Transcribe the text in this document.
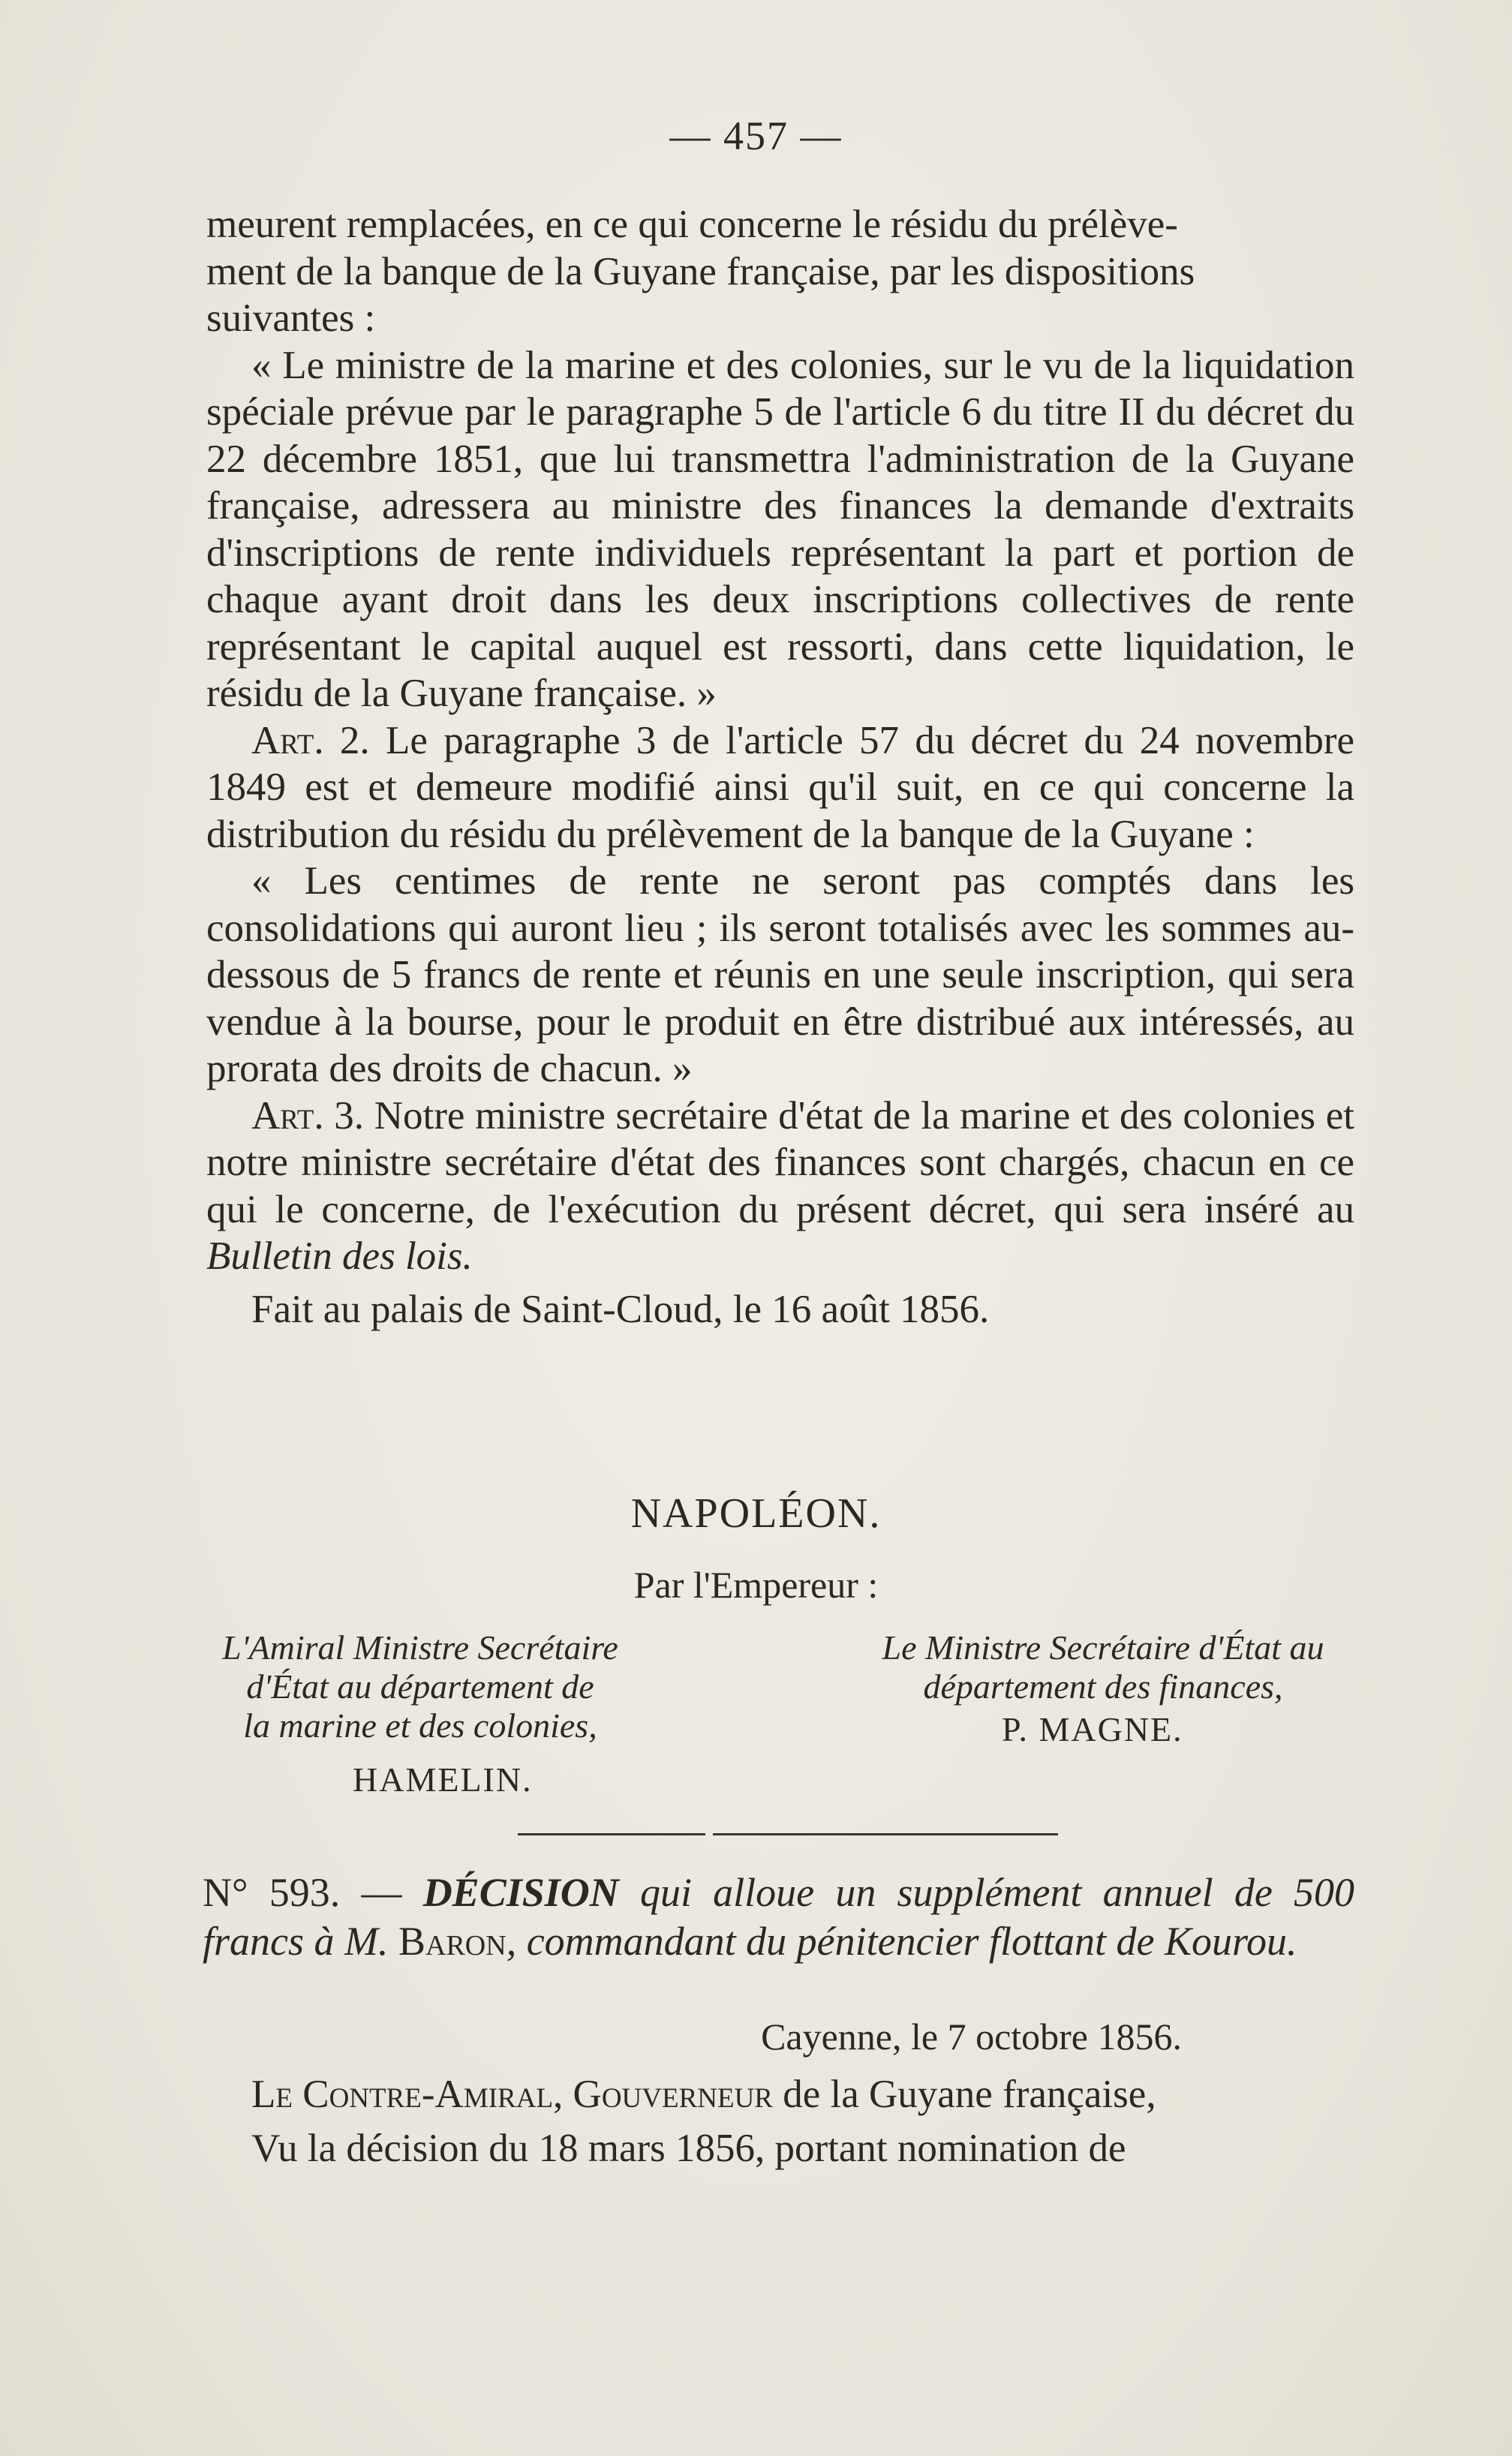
— 457 —

meurent remplacées, en ce qui concerne le résidu du prélève-

ment de la banque de la Guyane française, par les dispositions

suivantes :

« Le ministre de la marine et des colonies, sur le vu de la liquidation spéciale prévue par le paragraphe 5 de l'article 6 du titre II du décret du 22 décembre 1851, que lui transmettra l'administration de la Guyane française, adressera au ministre des finances la demande d'extraits d'inscriptions de rente individuels représentant la part et portion de chaque ayant droit dans les deux inscriptions collectives de rente représentant le capital auquel est ressorti, dans cette liquidation, le résidu de la Guyane française. »

Art. 2. Le paragraphe 3 de l'article 57 du décret du 24 novembre 1849 est et demeure modifié ainsi qu'il suit, en ce qui concerne la distribution du résidu du prélèvement de la banque de la Guyane :

« Les centimes de rente ne seront pas comptés dans les consolidations qui auront lieu ; ils seront totalisés avec les sommes au-dessous de 5 francs de rente et réunis en une seule inscription, qui sera vendue à la bourse, pour le produit en être distribué aux intéressés, au prorata des droits de chacun. »

Art. 3. Notre ministre secrétaire d'état de la marine et des colonies et notre ministre secrétaire d'état des finances sont chargés, chacun en ce qui le concerne, de l'exécution du présent décret, qui sera inséré au Bulletin des lois.

Fait au palais de Saint-Cloud, le 16 août 1856.

NAPOLÉON.
Par l'Empereur :
L'Amiral Ministre Secrétaire
d'État au département de
la marine et des colonies,
HAMELIN.
Le Ministre Secrétaire d'État au
département des finances,
P. MAGNE.
N° 593. — DÉCISION qui alloue un supplément annuel de 500 francs à M. Baron, commandant du pénitencier flottant de Kourou.
Cayenne, le 7 octobre 1856.

Le Contre-Amiral, Gouverneur de la Guyane française,

Vu la décision du 18 mars 1856, portant nomination de
